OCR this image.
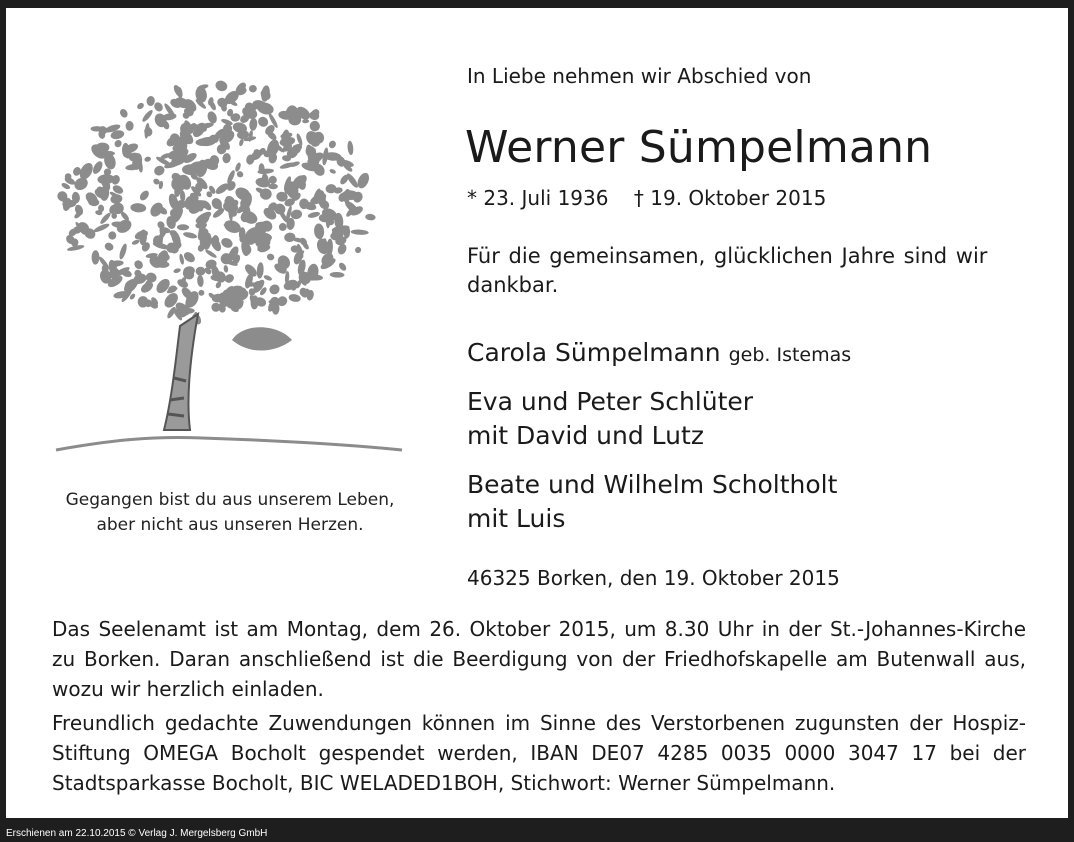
Erschienen am 22.10.2015 © Verlag J. Mergelsberg GmbH
Gegangen bist du aus unserem Leben,
aber nicht aus unseren Herzen.
In Liebe nehmen wir Abschied von
Werner Sümpelmann
* 23. Juli 1936 † 19. Oktober 2015
Für die gemeinsamen, glücklichen Jahre sind wir dankbar.
Carola Sümpelmann geb. Istemas
Eva und Peter Schlüter
mit David und Lutz
Beate und Wilhelm Scholtholt
mit Luis
46325 Borken, den 19. Oktober 2015
Das Seelenamt ist am Montag, dem 26. Oktober 2015, um 8.30 Uhr in der St.-Johannes-Kirche zu Borken. Daran anschließend ist die Beerdigung von der Friedhofskapelle am Butenwall aus, wozu wir herzlich einladen.
Freundlich gedachte Zuwendungen können im Sinne des Verstorbenen zugunsten der Hospiz-Stiftung OMEGA Bocholt gespendet werden, IBAN DE07 4285 0035 0000 3047 17 bei der Stadtsparkasse Bocholt, BIC WELADED1BOH, Stichwort: Werner Sümpelmann.
